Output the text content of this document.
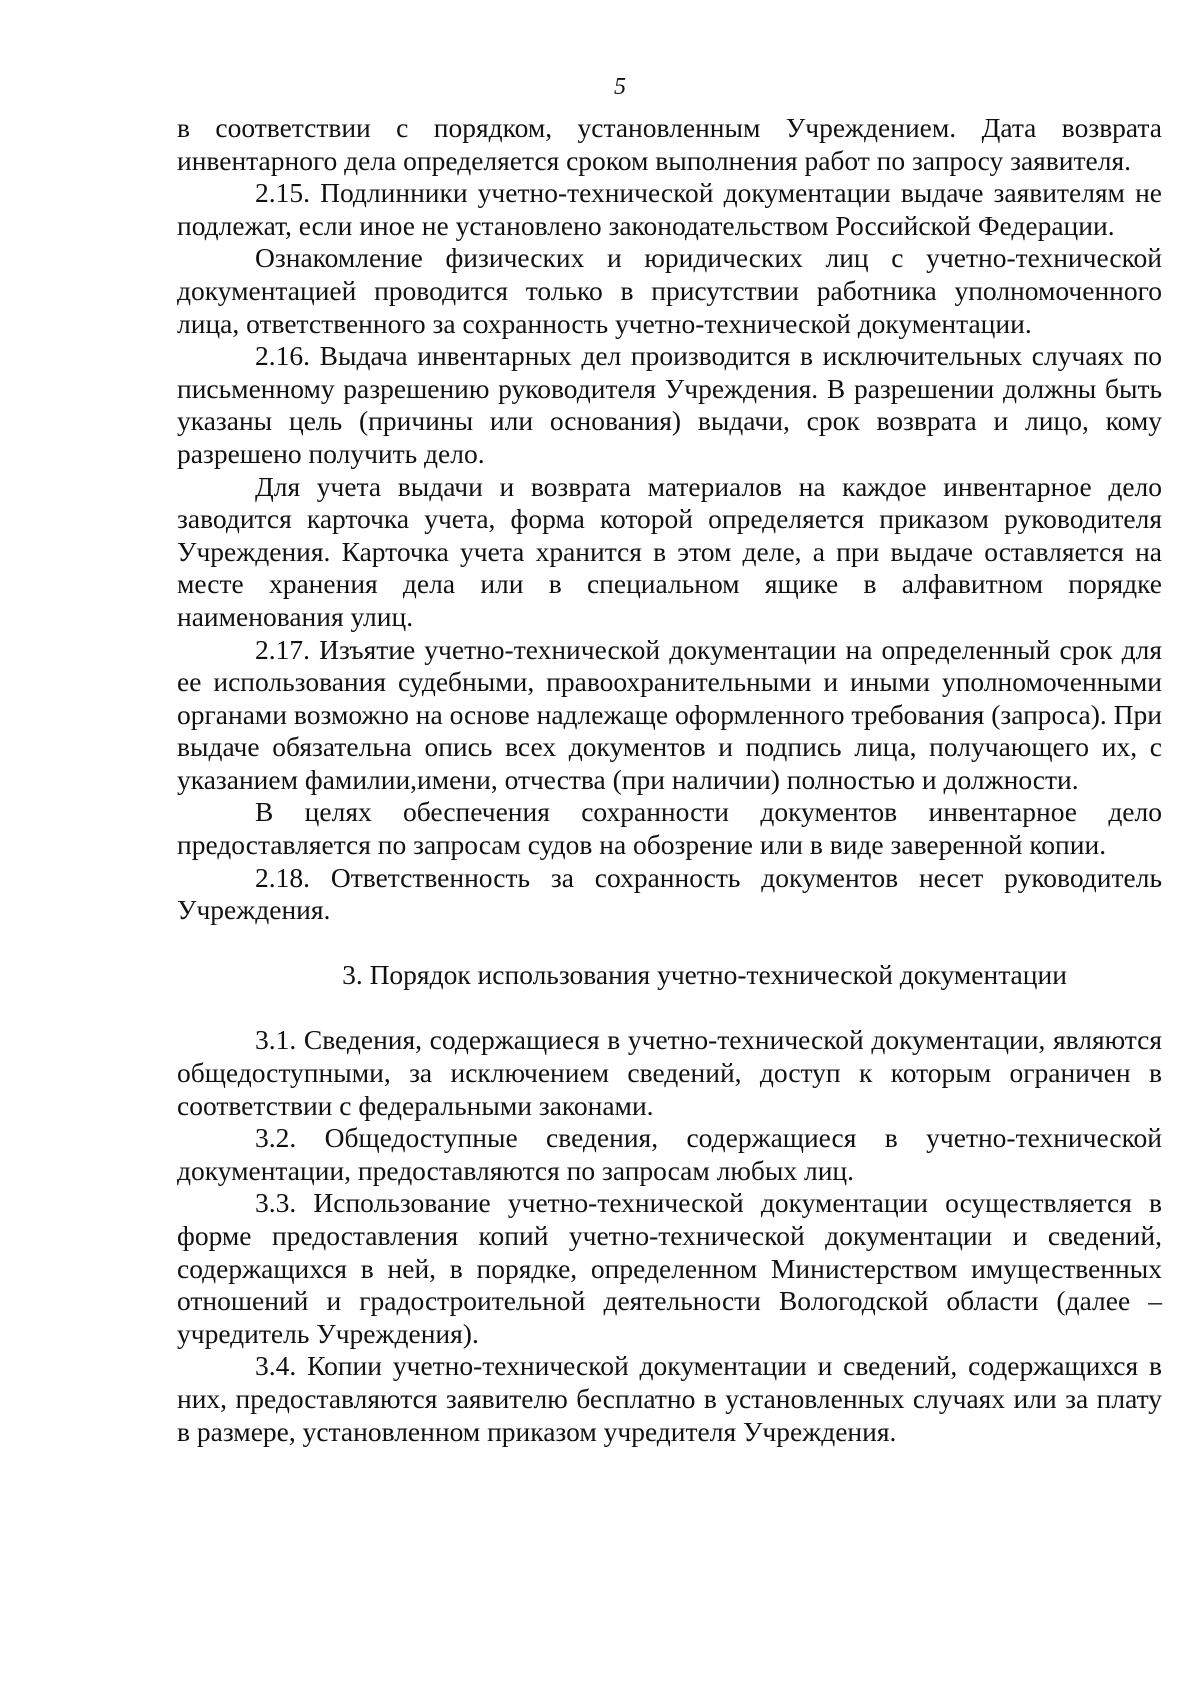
5

в соответствии с порядком, установленным Учреждением. Дата возврата инвентарного дела определяется сроком выполнения работ по запросу заявителя.

2.15. Подлинники учетно-технической документации выдаче заявителям не подлежат, если иное не установлено законодательством Российской Федерации.

Ознакомление физических и юридических лиц с учетно-технической документацией проводится только в присутствии работника уполномоченного лица, ответственного за сохранность учетно-технической документации.

2.16. Выдача инвентарных дел производится в исключительных случаях по письменному разрешению руководителя Учреждения. В разрешении должны быть указаны цель (причины или основания) выдачи, срок возврата и лицо, кому разрешено получить дело.

Для учета выдачи и возврата материалов на каждое инвентарное дело заводится карточка учета, форма которой определяется приказом руководителя Учреждения. Карточка учета хранится в этом деле, а при выдаче оставляется на месте хранения дела или в специальном ящике в алфавитном порядке наименования улиц.

2.17. Изъятие учетно-технической документации на определенный срок для ее использования судебными, правоохранительными и иными уполномоченными органами возможно на основе надлежаще оформленного требования (запроса). При выдаче обязательна опись всех документов и подпись лица, получающего их, с указанием фамилии,имени, отчества (при наличии) полностью и должности.

В целях обеспечения сохранности документов инвентарное дело предоставляется по запросам судов на обозрение или в виде заверенной копии.

2.18. Ответственность за сохранность документов несет руководитель Учреждения.

3. Порядок использования учетно-технической документации

3.1. Сведения, содержащиеся в учетно-технической документации, являются общедоступными, за исключением сведений, доступ к которым ограничен в соответствии с федеральными законами.

3.2. Общедоступные сведения, содержащиеся в учетно-технической документации, предоставляются по запросам любых лиц.

3.3. Использование учетно-технической документации осуществляется в форме предоставления копий учетно-технической документации и сведений, содержащихся в ней, в порядке, определенном Министерством имущественных отношений и градостроительной деятельности Вологодской области (далее – учредитель Учреждения).

3.4. Копии учетно-технической документации и сведений, содержащихся в них, предоставляются заявителю бесплатно в установленных случаях или за плату в размере, установленном приказом учредителя Учреждения.
